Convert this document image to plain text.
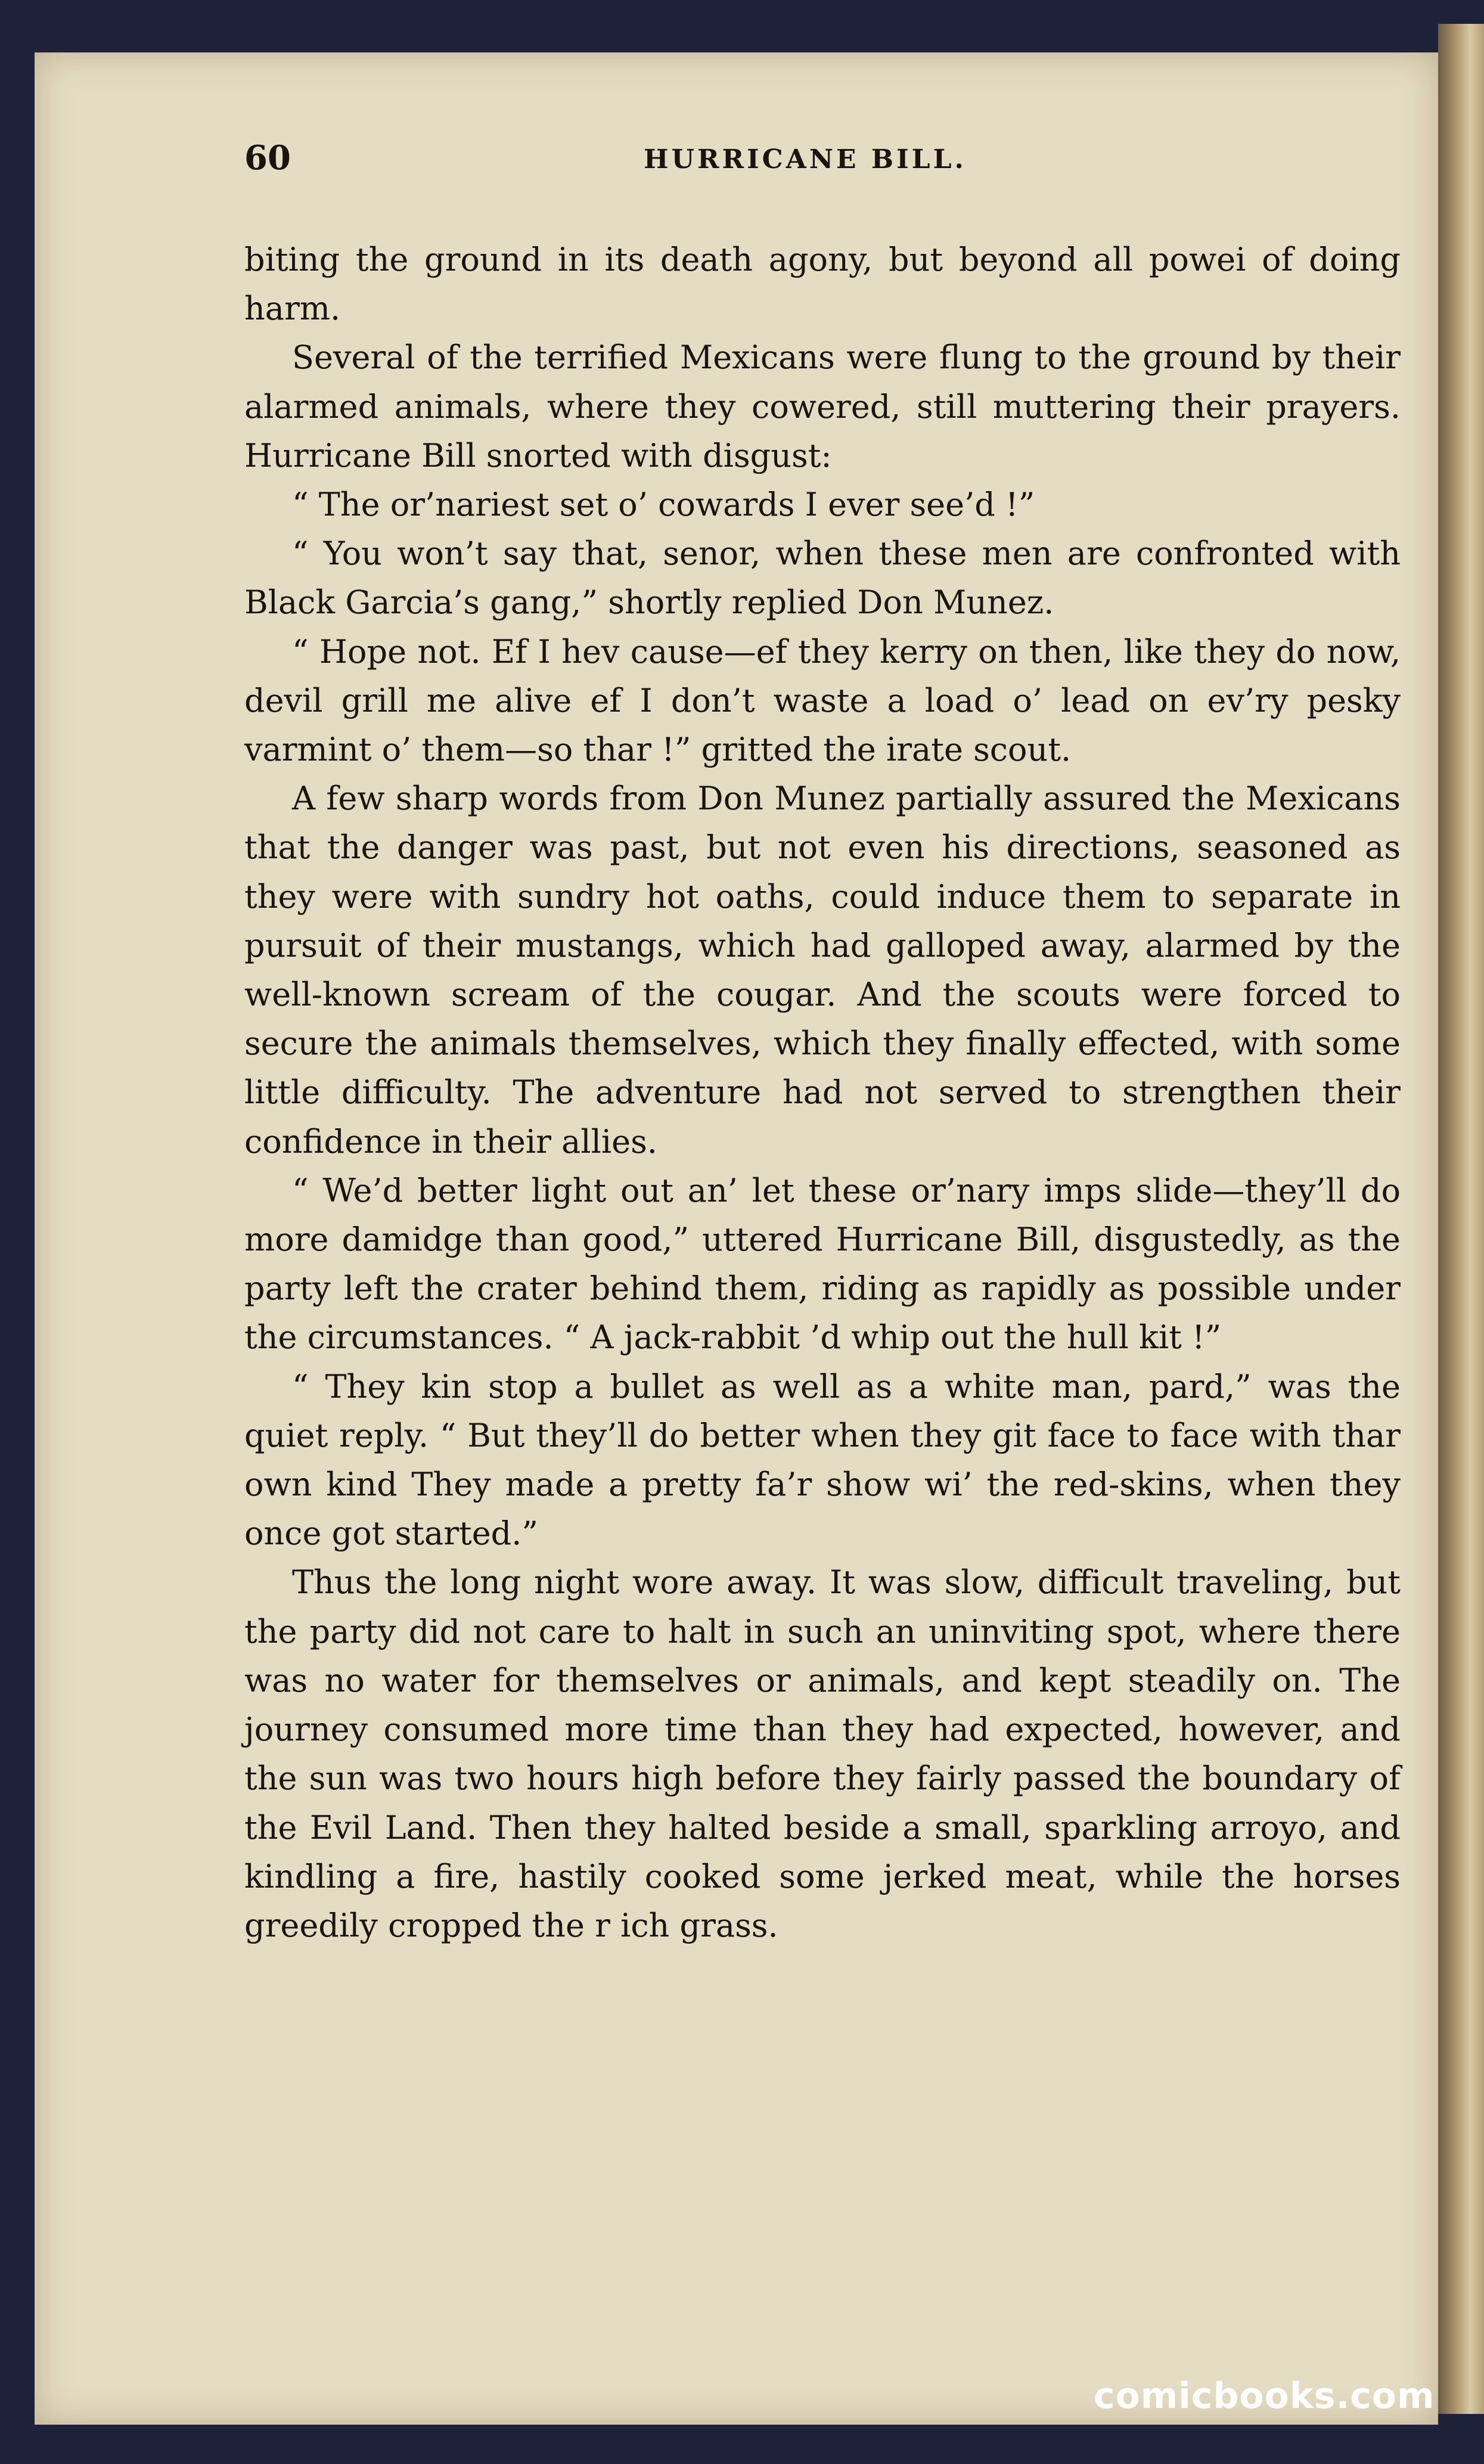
60	HURRICANE BILL.

biting the ground in its death agony, but beyond all powei of doing harm.

Several of the terrified Mexicans were flung to the ground by their alarmed animals, where they cowered, still muttering their prayers. Hurricane Bill snorted with disgust:

“ The or’nariest set o’ cowards I ever see’d !”

“ You won’t say that, senor, when these men are confronted with Black Garcia’s gang,” shortly replied Don Munez.

“ Hope not. Ef I hev cause—ef they kerry on then, like they do now, devil grill me alive ef I don’t waste a load o’ lead on ev’ry pesky varmint o’ them—so thar !” gritted the irate scout.

A few sharp words from Don Munez partially assured the Mexicans that the danger was past, but not even his directions, seasoned as they were with sundry hot oaths, could induce them to separate in pursuit of their mustangs, which had galloped away, alarmed by the well-known scream of the cougar. And the scouts were forced to secure the animals themselves, which they finally effected, with some little difficulty. The adventure had not served to strengthen their confidence in their allies.

“ We’d better light out an’ let these or’nary imps slide—they’ll do more damidge than good,” uttered Hurricane Bill, disgustedly, as the party left the crater behind them, riding as rapidly as possible under the circumstances. “ A jack-rabbit ’d whip out the hull kit !”

“ They kin stop a bullet as well as a white man, pard,” was the quiet reply. “ But they’ll do better when they git face to face with thar own kind They made a pretty fa’r show wi’ the red-skins, when they once got started.”

Thus the long night wore away. It was slow, difficult traveling, but the party did not care to halt in such an uninviting spot, where there was no water for themselves or animals, and kept steadily on. The journey consumed more time than they had expected, however, and the sun was two hours high before they fairly passed the boundary of the Evil Land. Then they halted beside a small, sparkling arroyo, and kindling a fire, hastily cooked some jerked meat, while the horses greedily cropped the r ich grass.

comicbooks.com
